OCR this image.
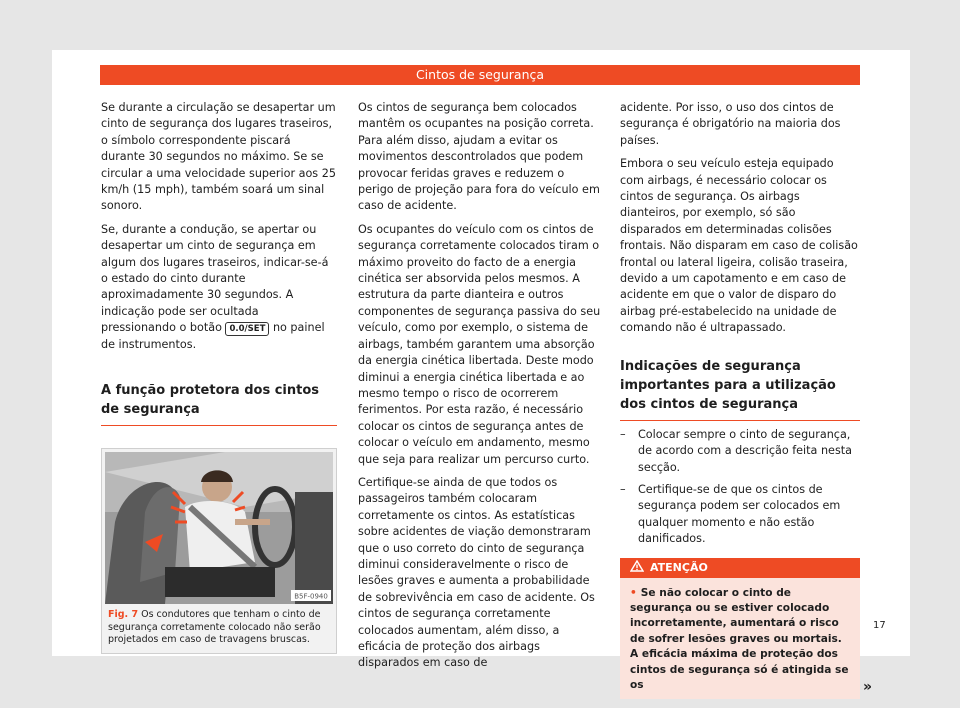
Cintos de segurança

Se durante a circulação se desapertar um cinto de segurança dos lugares traseiros, o símbolo correspondente piscará durante 30 segundos no máximo. Se se circular a uma velocidade superior aos 25 km/h (15 mph), também soará um sinal sonoro.

Se, durante a condução, se apertar ou desapertar um cinto de segurança em algum dos lugares traseiros, indicar-se-á o estado do cinto durante aproximadamente 30 segundos. A indicação pode ser ocultada pressionando o botão 0.0/SET no painel de instrumentos.

A função protetora dos cintos de segurança
B5F-0940
Fig. 7 Os condutores que tenham o cinto de segurança corretamente colocado não serão projetados em caso de travagens bruscas.

Os cintos de segurança bem colocados mantêm os ocupantes na posição correta. Para além disso, ajudam a evitar os movimentos descontrolados que podem provocar feridas graves e reduzem o perigo de projeção para fora do veículo em caso de acidente.

Os ocupantes do veículo com os cintos de segurança corretamente colocados tiram o máximo proveito do facto de a energia cinética ser absorvida pelos mesmos. A estrutura da parte dianteira e outros componentes de segurança passiva do seu veículo, como por exemplo, o sistema de airbags, também garantem uma absorção da energia cinética libertada. Deste modo diminui a energia cinética libertada e ao mesmo tempo o risco de ocorrerem ferimentos. Por esta razão, é necessário colocar os cintos de segurança antes de colocar o veículo em andamento, mesmo que seja para realizar um percurso curto.

Certifique-se ainda de que todos os passageiros também colocaram corretamente os cintos. As estatísticas sobre acidentes de viação demonstraram que o uso correto do cinto de segurança diminui consideravelmente o risco de lesões graves e aumenta a probabilidade de sobrevivência em caso de acidente. Os cintos de segurança corretamente colocados aumentam, além disso, a eficácia de proteção dos airbags disparados em caso de

acidente. Por isso, o uso dos cintos de segurança é obrigatório na maioria dos países.

Embora o seu veículo esteja equipado com airbags, é necessário colocar os cintos de segurança. Os airbags dianteiros, por exemplo, só são disparados em determinadas colisões frontais. Não disparam em caso de colisão frontal ou lateral ligeira, colisão traseira, devido a um capotamento e em caso de acidente em que o valor de disparo do airbag pré-estabelecido na unidade de comando não é ultrapassado.

Indicações de segurança importantes para a utilização dos cintos de segurança
– Colocar sempre o cinto de segurança, de acordo com a descrição feita nesta secção.
– Certifique-se de que os cintos de segurança podem ser colocados em qualquer momento e não estão danificados.
ATENÇÃO
• Se não colocar o cinto de segurança ou se estiver colocado incorretamente, aumentará o risco de sofrer lesões graves ou mortais. A eficácia máxima de proteção dos cintos de segurança só é atingida se os	»
17
